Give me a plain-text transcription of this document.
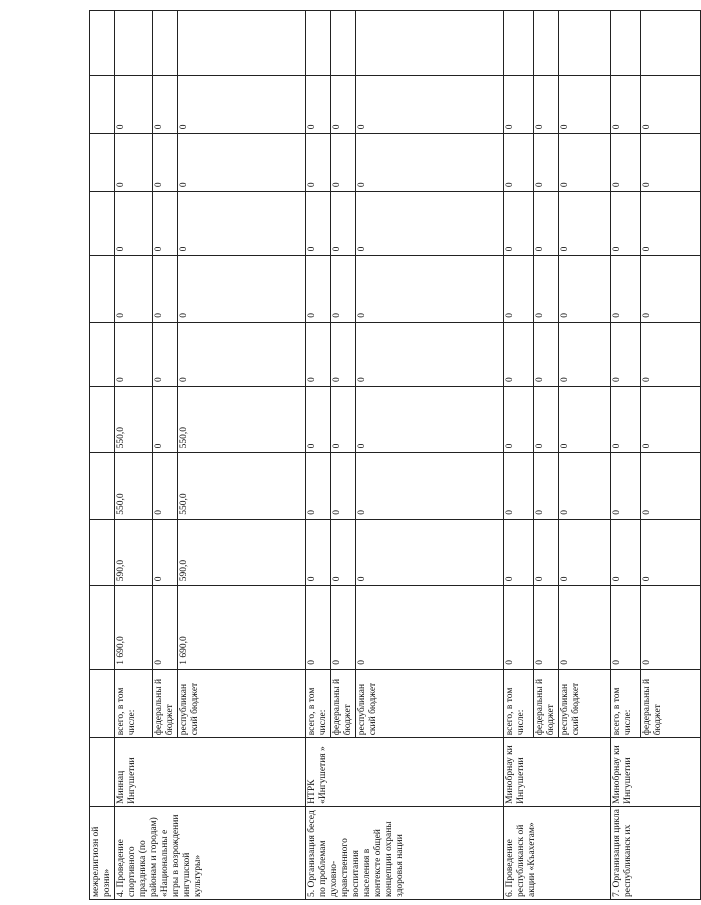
межрелигиозн ой розни»												
4. Проведение спортивного праздника (по районам и городам) «Национальны е игры в возрождении ингушской культуры»	Миннац Ингушетии	всего, в том числе:	1 690,0	590,0	550,0	550,0	0	0	0	0	0	
		федеральны й бюджет	0	0	0	0	0	0	0	0	0	
		республикан ский бюджет	1 690,0	590,0	550,0	550,0	0	0	0	0	0	
5. Организация бесед по проблемам духовно-нравственного воспитания населения в контексте общей концепции охраны здоровья нации	НТРК «Ингушетия »	всего, в том числе:	0	0	0	0	0	0	0	0	0	
		федеральны й бюджет	0	0	0	0	0	0	0	0	0	
		республикан ский бюджет	0	0	0	0	0	0	0	0	0	
6. Проведение республиканск ой акции «Къахетам»	Минобрнау ки Ингушетии	всего, в том числе:	0	0	0	0	0	0	0	0	0	
		федеральны й бюджет	0	0	0	0	0	0	0	0	0	
		республикан ский бюджет	0	0	0	0	0	0	0	0	0	
7. Организация цикла республиканск их	Минобрнау ки Ингушетии	всего, в том числе:	0	0	0	0	0	0	0	0	0	
		федеральны й бюджет	0	0	0	0	0	0	0	0	0	
